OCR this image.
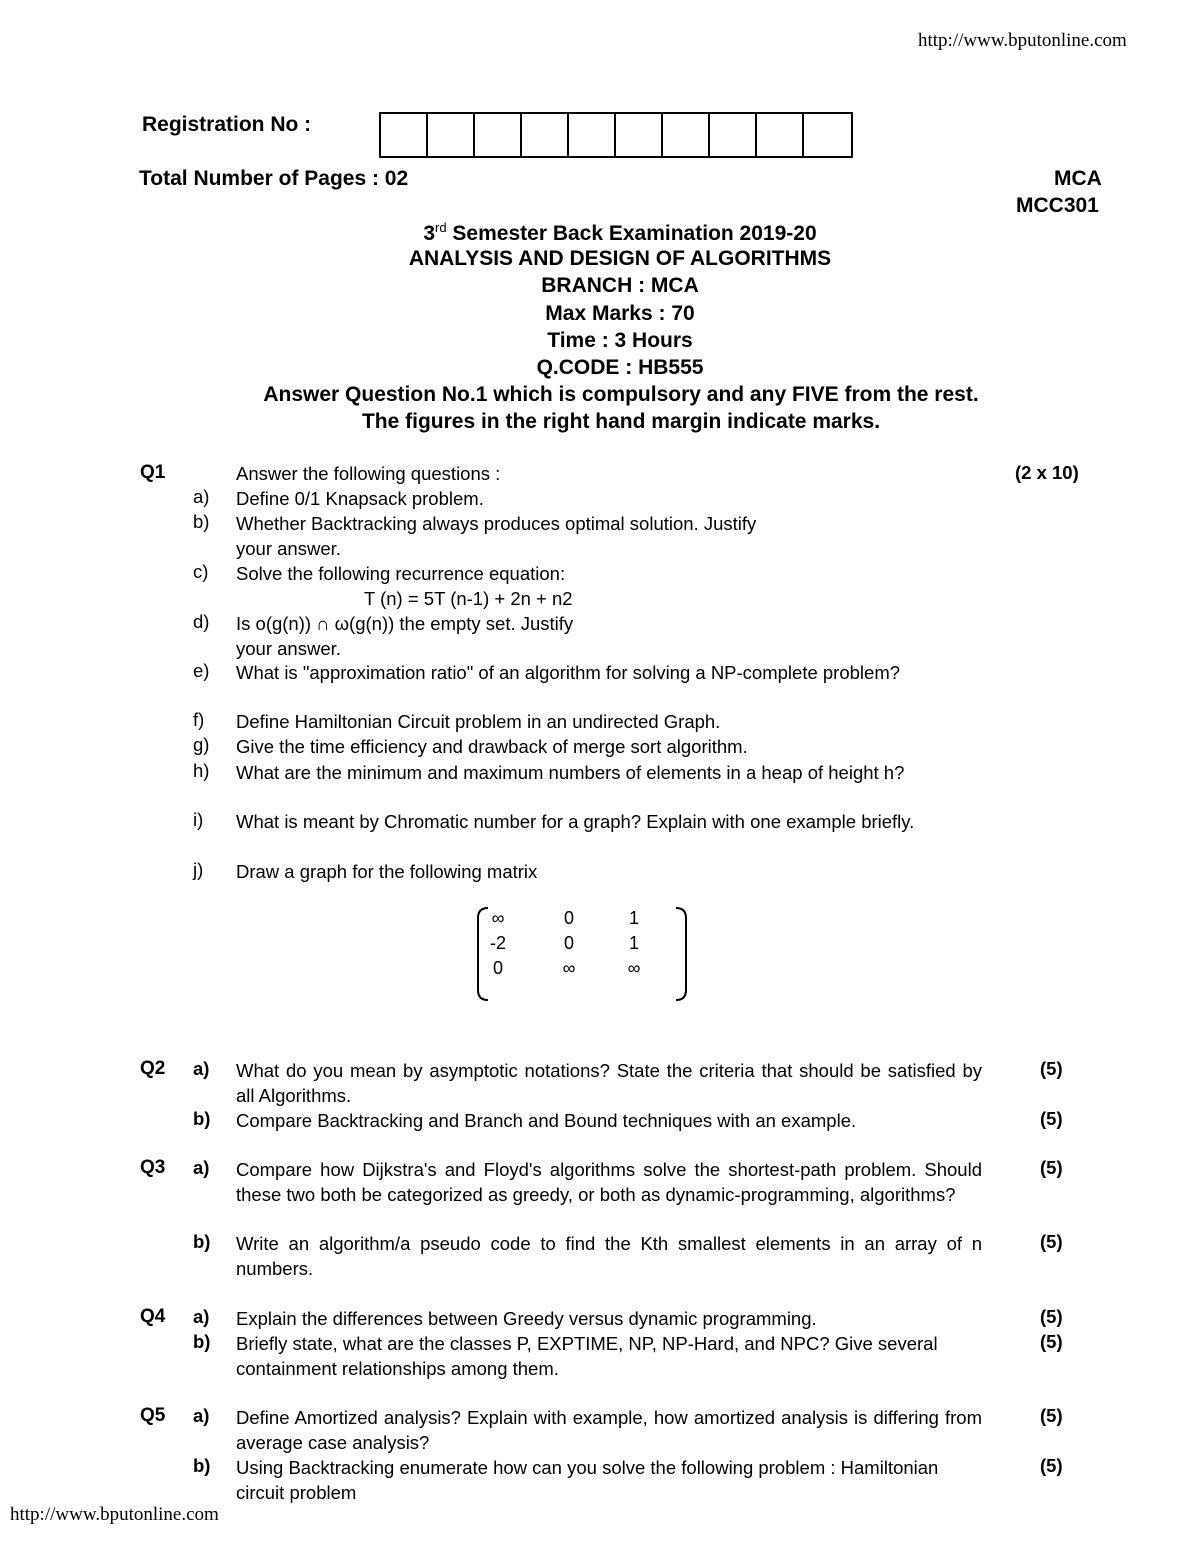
http://www.bputonline.com
Registration No :
Total Number of Pages : 02	MCA
MCC301
3rd Semester Back Examination 2019-20
ANALYSIS AND DESIGN OF ALGORITHMS
BRANCH : MCA
Max Marks : 70
Time : 3 Hours
Q.CODE : HB555
Answer Question No.1 which is compulsory and any FIVE from the rest.
The figures in the right hand margin indicate marks.
Q1	Answer the following questions :	(2 x 10)
a) Define 0/1 Knapsack problem.
b) Whether Backtracking always produces optimal solution. Justify your answer.
c) Solve the following recurrence equation:
T (n) = 5T (n-1) + 2n + n2
d) Is o(g(n)) ∩ ω(g(n)) the empty set. Justify your answer.
e) What is "approximation ratio" of an algorithm for solving a NP-complete problem?
f) Define Hamiltonian Circuit problem in an undirected Graph.
g) Give the time efficiency and drawback of merge sort algorithm.
h) What are the minimum and maximum numbers of elements in a heap of height h?
i) What is meant by Chromatic number for a graph? Explain with one example briefly.
j) Draw a graph for the following matrix
∞	0	1
-2	0	1
0	∞	∞
Q2 a) What do you mean by asymptotic notations? State the criteria that should be satisfied by all Algorithms.
(5)
b) Compare Backtracking and Branch and Bound techniques with an example.	(5)
Q3 a) Compare how Dijkstra's and Floyd's algorithms solve the shortest-path problem. Should these two both be categorized as greedy, or both as dynamic-programming, algorithms?
(5)
b) Write an algorithm/a pseudo code to find the Kth smallest elements in an array of n numbers.
(5)
Q4 a) Explain the differences between Greedy versus dynamic programming.	(5)
b) Briefly state, what are the classes P, EXPTIME, NP, NP-Hard, and NPC? Give several containment relationships among them.
(5)
Q5 a) Define Amortized analysis? Explain with example, how amortized analysis is differing from average case analysis?
(5)
b) Using Backtracking enumerate how can you solve the following problem : Hamiltonian circuit problem
(5)
http://www.bputonline.com
